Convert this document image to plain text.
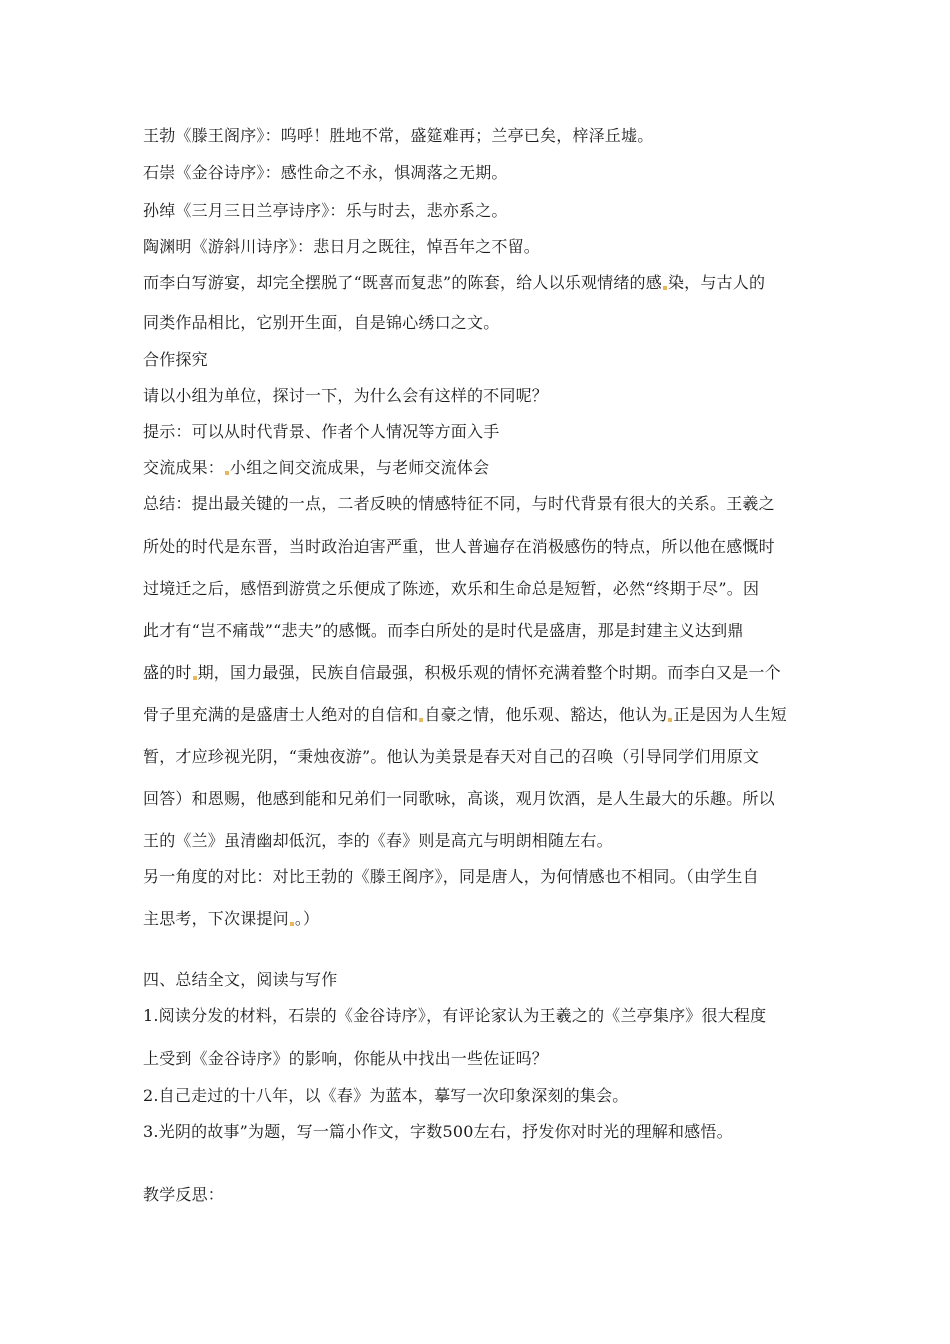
王勃《滕王阁序》：呜呼！胜地不常，盛筵难再；兰亭已矣，梓泽丘墟。
石崇《金谷诗序》：感性命之不永，惧凋落之无期。
孙绰《三月三日兰亭诗序》：乐与时去，悲亦系之。
陶渊明《游斜川诗序》：悲日月之既往，悼吾年之不留。
而李白写游宴，却完全摆脱了“既喜而复悲”的陈套，给人以乐观情绪的感 染，与古人的
同类作品相比，它别开生面，自是锦心绣口之文。
合作探究
请以小组为单位，探讨一下，为什么会有这样的不同呢？
提示：可以从时代背景、作者个人情况等方面入手
交流成果： 小组之间交流成果，与老师交流体会
总结：提出最关键的一点，二者反映的情感特征不同，与时代背景有很大的关系。王羲之
所处的时代是东晋，当时政治迫害严重，世人普遍存在消极感伤的特点，所以他在感慨时
过境迁之后，感悟到游赏之乐便成了陈迹，欢乐和生命总是短暂，必然“终期于尽”。因
此才有“岂不痛哉”“悲夫”的感慨。而李白所处的是时代是盛唐，那是封建主义达到鼎
盛的时 期，国力最强，民族自信最强，积极乐观的情怀充满着整个时期。而李白又是一个
骨子里充满的是盛唐士人绝对的自信和 自豪之情，他乐观、豁达，他认为 正是因为人生短
暂，才应珍视光阴，“秉烛夜游”。他认为美景是春天对自己的召唤（引导同学们用原文
回答）和恩赐，他感到能和兄弟们一同歌咏，高谈，观月饮酒，是人生最大的乐趣。所以
王的《兰》虽清幽却低沉，李的《春》则是高亢与明朗相随左右。
另一角度的对比：对比王勃的《滕王阁序》，同是唐人，为何情感也不相同。（由学生自
主思考，下次课提问 。）
四、总结全文，阅读与写作
1.阅读分发的材料，石崇的《金谷诗序》，有评论家认为王羲之的《兰亭集序》很大程度
上受到《金谷诗序》的影响，你能从中找出一些佐证吗？
2.自己走过的十八年，以《春》为蓝本，摹写一次印象深刻的集会。
3.光阴的故事”为题，写一篇小作文，字数500左右，抒发你对时光的理解和感悟。
教学反思：
